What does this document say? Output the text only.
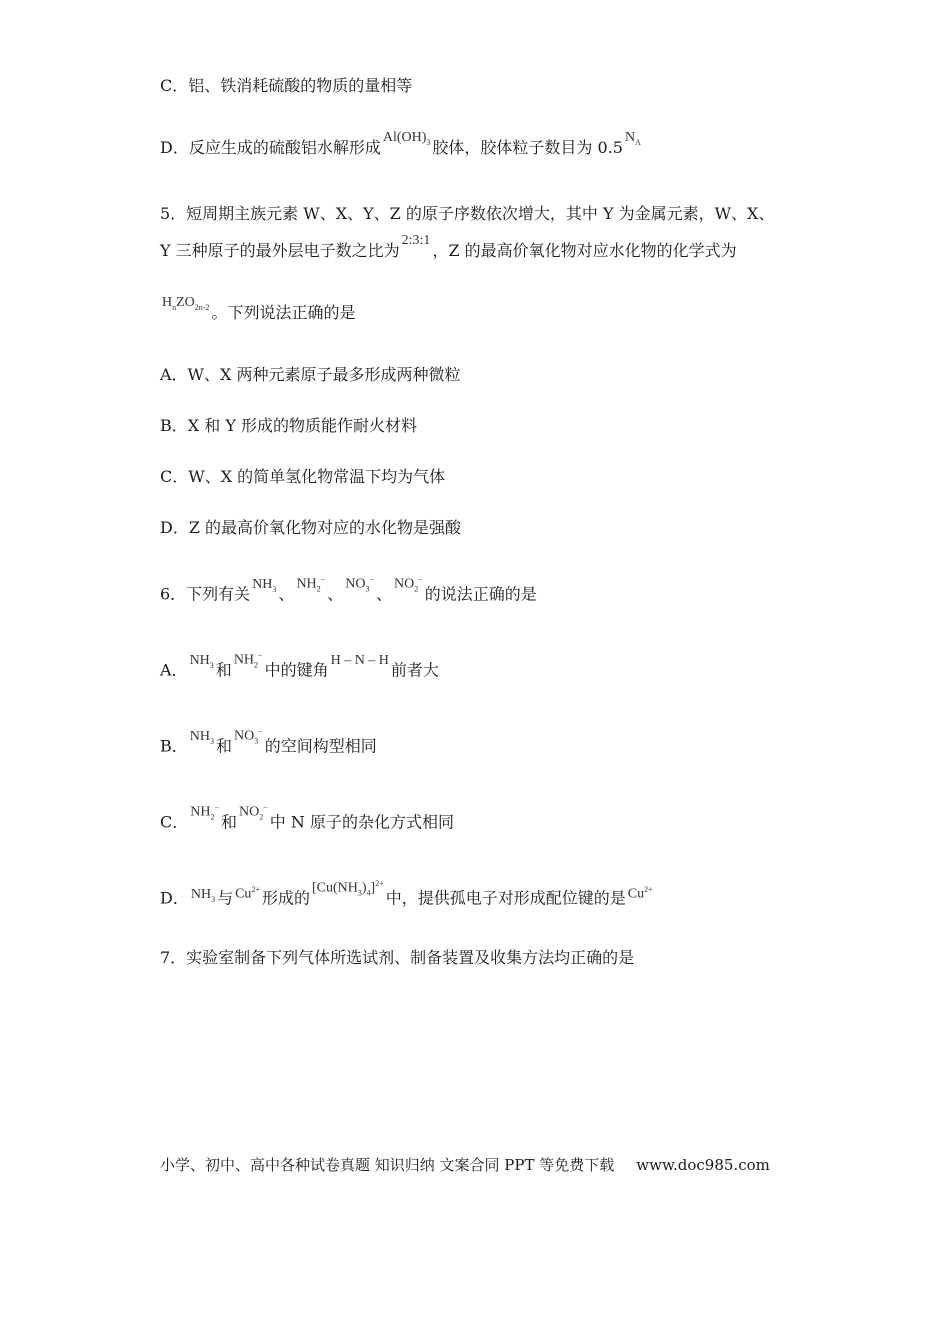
C．铝、铁消耗硫酸的物质的量相等
D．反应生成的硫酸铝水解形成$Al(OH)_3$ 胶体，胶体粒子数目为 $0.5N_A$
5．短周期主族元素 W、X、Y、Z 的原子序数依次增大，其中 Y 为金属元素，W、X、
Y 三种原子的最外层电子数之比为2:3:1，Z 的最高价氧化物对应水化物的化学式为
$H_nZO_{2n-2}$ 。下列说法正确的是
A．W、X 两种元素原子最多形成两种微粒
B．X 和 Y 形成的物质能作耐火材料
C．W、X 的简单氢化物常温下均为气体
D．Z 的最高价氧化物对应的水化物是强酸
6．下列有关$NH_3$ 、$NH_2^-$、$NO_3^-$、$NO_2^-$的说法正确的是
A．$NH_3$ 和$NH_2^-$中的键角H – N – H前者大
B．$NH_3$ 和$NO_3^-$的空间构型相同
C．$NH_2^-$和$NO_2^-$中 N 原子的杂化方式相同
D． $NH_3$ 与 $Cu^{2+}$ 形成的$[Cu(NH_3)_4]^{2+}$中，提供孤电子对形成配位键的是 $Cu^{2+}$
7．实验室制备下列气体所选试剂、制备装置及收集方法均正确的是
小学、初中、高中各种试卷真题 知识归纳 文案合同 PPT 等免费下载 www.doc985.com
